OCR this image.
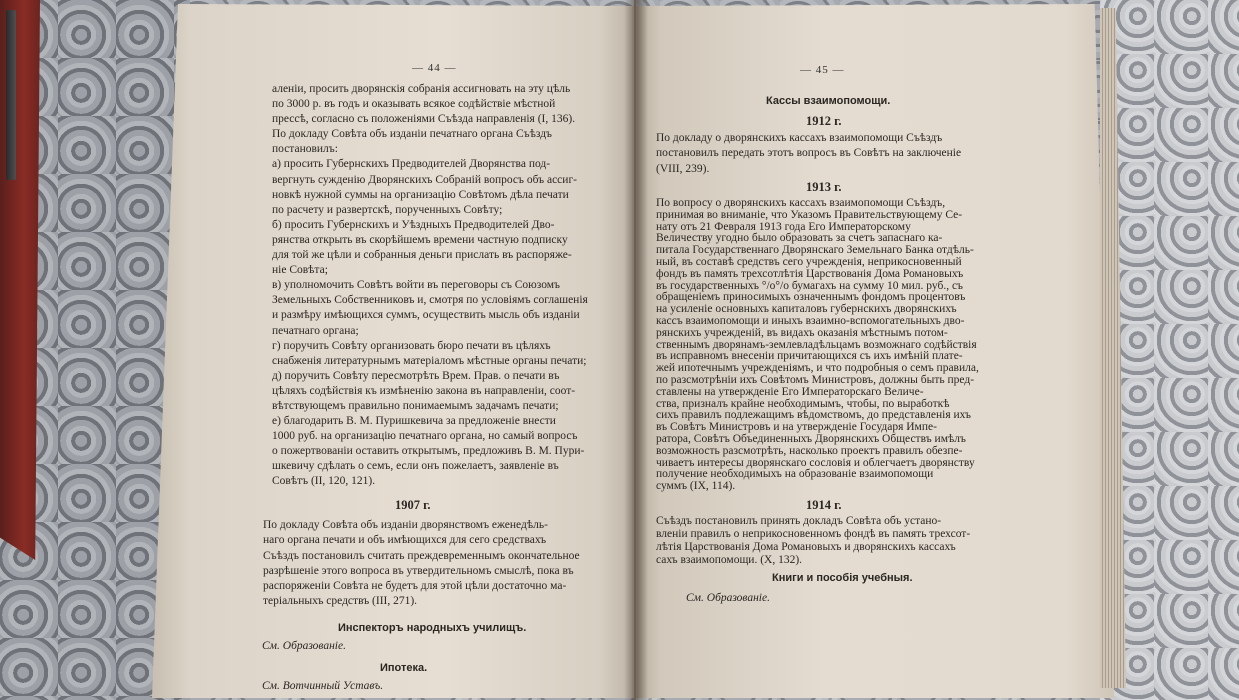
— 44 —
аленiи, просить дворянскiя собранiя ассигновать на эту цѣль
по 3000 р. въ годъ и оказывать всякое содѣйствiе мѣстной
прессѣ, согласно съ положенiями Съѣзда направленiя (I, 136).
По докладу Совѣта объ изданiи печатнаго органа Съѣздъ
постановилъ:
а) просить Губернскихъ Предводителей Дворянства под-
вергнуть сужденiю Дворянскихъ Собранiй вопросъ объ ассиг-
новкѣ нужной суммы на организацiю Совѣтомъ дѣла печати
по расчету и развертскѣ, порученныхъ Совѣту;
б) просить Губернскихъ и Уѣздныхъ Предводителей Дво-
рянства открыть въ скорѣйшемъ времени частную подписку
для той же цѣли и собранныя деньги прислать въ распоряже-
нiе Совѣта;
в) уполномочить Совѣтъ войти въ переговоры съ Союзомъ
Земельныхъ Собственниковъ и, смотря по условiямъ соглашенiя
и размѣру имѣющихся суммъ, осуществить мысль объ изданiи
печатнаго органа;
г) поручить Совѣту организовать бюро печати въ цѣляхъ
снабженiя литературнымъ матерiаломъ мѣстные органы печати;
д) поручить Совѣту пересмотрѣть Врем. Прав. о печати въ
цѣляхъ содѣйствiя къ измѣненiю закона въ направленiи, соот-
вѣтствующемъ правильно понимаемымъ задачамъ печати;
е) благодарить В. М. Пуришкевича за предложенiе внести
1000 руб. на организацiю печатнаго органа, но самый вопросъ
о пожертвованiи оставить открытымъ, предложивъ В. М. Пури-
шкевичу сдѣлать о семъ, если онъ пожелаетъ, заявленiе въ
Совѣтъ (II, 120, 121).
1907 г.
По докладу Совѣта объ изданiи дворянствомъ еженедѣль-
наго органа печати и объ имѣющихся для сего средствахъ
Съѣздъ постановилъ считать преждевременнымъ окончательное
разрѣшенiе этого вопроса въ утвердительномъ смыслѣ, пока въ
распоряженiи Совѣта не будетъ для этой цѣли достаточно ма-
терiальныхъ средствъ (III, 271).
Инспекторъ народныхъ училищъ.
См. Образованiе.
Ипотека.
См. Вотчинный Уставъ.
— 45 —
Кассы взаимопомощи.
1912 г.
По докладу о дворянскихъ кассахъ взаимопомощи Съѣздъ
постановилъ передать этотъ вопросъ въ Совѣтъ на заключенiе
(VIII, 239).
1913 г.
По вопросу о дворянскихъ кассахъ взаимопомощи Съѣздъ,
принимая во вниманiе, что Указомъ Правительствующему Се-
нату отъ 21 Февраля 1913 года Его Императорскому
Величеству угодно было образовать за счетъ запаснаго ка-
питала Государственнаго Дворянскаго Земельнаго Банка отдѣль-
ный, въ составѣ средствъ сего учрежденiя, неприкосновенный
фондъ въ память трехсотлѣтiя Царствованiя Дома Романовыхъ
въ государственныхъ °/о°/о бумагахъ на сумму 10 мил. руб., съ
обращенiемъ приносимыхъ означеннымъ фондомъ процентовъ
на усиленiе основныхъ капиталовъ губернскихъ дворянскихъ
кассъ взаимопомощи и иныхъ взаимно-вспомогательныхъ дво-
рянскихъ учрежденiй, въ видахъ оказанiя мѣстнымъ потом-
ственнымъ дворянамъ-землевладѣльцамъ возможнаго содѣйствiя
въ исправномъ внесенiи причитающихся съ ихъ имѣнiй платe-
жей ипотечнымъ учрежденiямъ, и что подробныя о семъ правила,
по разсмотрѣнiи ихъ Совѣтомъ Министровъ, должны быть пред-
ставлены на утвержденiе Его Императорскаго Величе-
ства, призналъ крайне необходимымъ, чтобы, по выработкѣ
сихъ правилъ подлежащимъ вѣдомствомъ, до представленiя ихъ
въ Совѣтъ Министровъ и на утвержденiе Государя Импе-
ратора, Совѣтъ Объединенныхъ Дворянскихъ Обществъ имѣлъ
возможность разсмотрѣть, насколько проектъ правилъ обезпе-
чиваетъ интересы дворянскаго сословiя и облегчаетъ дворянству
получение необходимыхъ на образованiе взаимопомощи
суммъ (IX, 114).
1914 г.
Съѣздъ постановилъ принять докладъ Совѣта объ устано-
вленiи правилъ о неприкосновенномъ фондѣ въ память трехсот-
лѣтiя Царствованiя Дома Романовыхъ и дворянскихъ кассахъ
сахъ взаимопомощи. (X, 132).
Книги и пособiя учебныя.
См. Образованiе.
